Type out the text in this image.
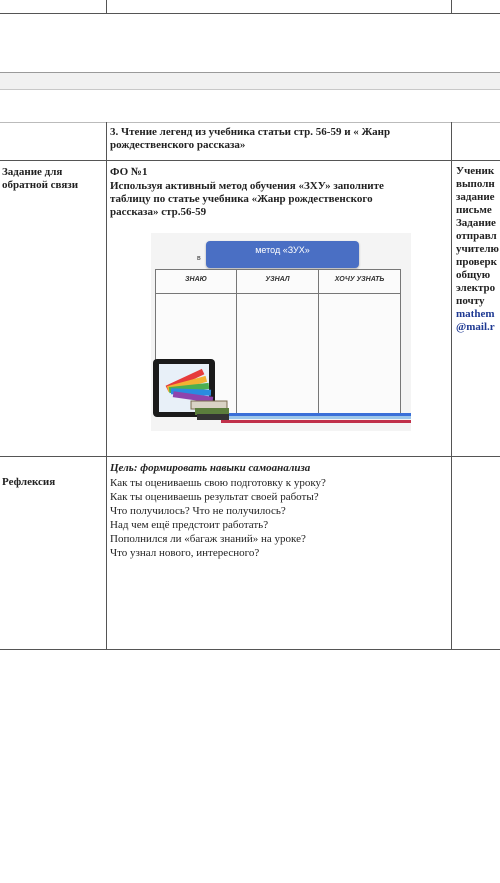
3. Чтение легенд из учебника статьи стр. 56-59 и « Жанр
рождественского рассказа»
Задание для
обратной связи
ФО №1
Используя активный метод обучения «ЗХУ» заполните
таблицу по статье учебника «Жанр рождественского
рассказа» стр.56-59
Ученик
выполн
задание
письме
Задание
отправл
учителю
проверк
общую
электро
почту
mathem
@mail.r
метод «ЗУХ»
в
ЗНАЮ	УЗНАЛ	ХОЧУ УЗНАТЬ
Рефлексия
Цель: формировать навыки самоанализа
Как ты оцениваешь свою подготовку к уроку?
Как ты оцениваешь результат своей работы?
Что получилось? Что не получилось?
Над чем ещё предстоит работать?
Пополнился ли «багаж знаний» на уроке?
Что узнал нового, интересного?
